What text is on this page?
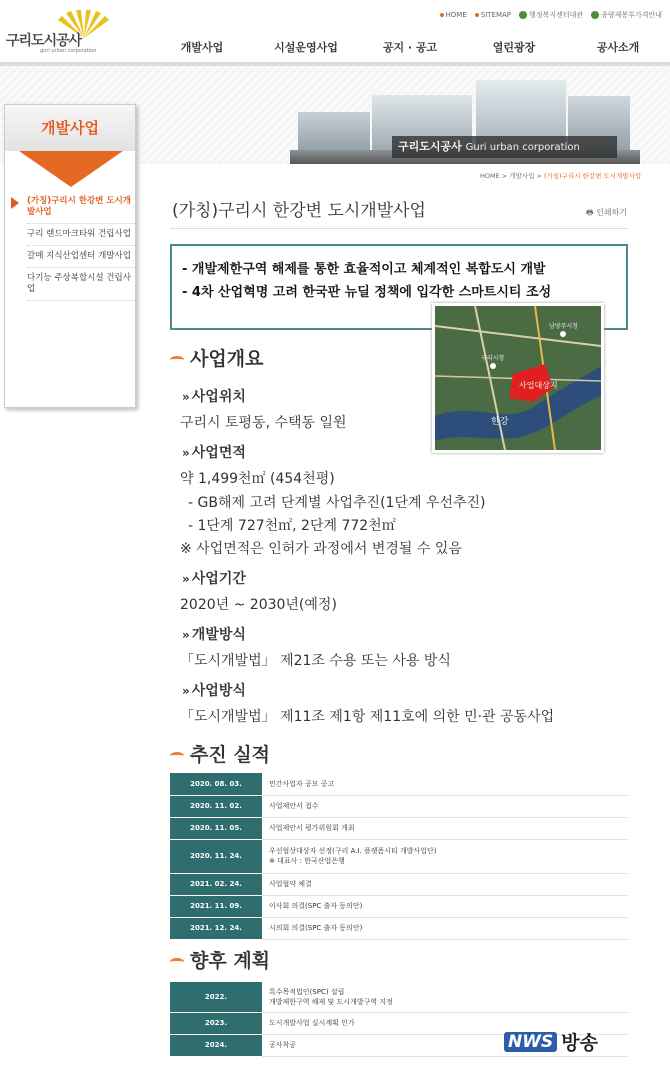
구리도시공사
guri urban corporation
HOME SITEMAP	행정복지센터대관	종량제봉투가격안내
개발사업	시설운영사업	공지 · 공고	열린광장	공사소개
구리도시공사 Guri urban corporation
개발사업
(가칭)구리시 한강변 도시개발사업
구리 랜드마크타워 건립사업
갈매 지식산업센터 개발사업
다기능 주상복합시설 건립사업
HOME > 개발사업 > (가칭)구리시 한강변 도시개발사업
(가칭)구리시 한강변 도시개발사업	🖶 인쇄하기
- 개발제한구역 해제를 통한 효율적이고 체계적인 복합도시 개발
- 4차 산업혁명 고려 한국판 뉴딜 정책에 입각한 스마트시티 조성
사업대상지
한강
구리시청
남양주시청
사업개요
» 사업위치
구리시 토평동, 수택동 일원
» 사업면적
약 1,499천㎡ (454천평)
- GB해제 고려 단계별 사업추진(1단계 우선추진)
- 1단계 727천㎡, 2단계 772천㎡
※ 사업면적은 인허가 과정에서 변경될 수 있음
» 사업기간
2020년 ~ 2030년(예정)
» 개발방식
「도시개발법」 제21조 수용 또는 사용 방식
» 사업방식
「도시개발법」 제11조 제1항 제11호에 의한 민·관 공동사업
추진 실적
2020. 08. 03.	민간사업자 공모 공고
2020. 11. 02.	사업제안서 접수
2020. 11. 05.	사업제안서 평가위원회 개최
2020. 11. 24.	우선협상대상자 선정(구리 A.I. 플랫폼시티 개발사업단)
※ 대표사 : 한국산업은행

2021. 02. 24.	사업협약 체결
2021. 11. 09.	이사회 의결(SPC 출자 동의안)
2021. 12. 24.	시의회 의결(SPC 출자 동의안)
향후 계획
2022.	특수목적법인(SPC) 설립
개발제한구역 해제 및 도시개발구역 지정

2023.	도시개발사업 실시계획 인가
2024.	공사착공	NWS 방송
